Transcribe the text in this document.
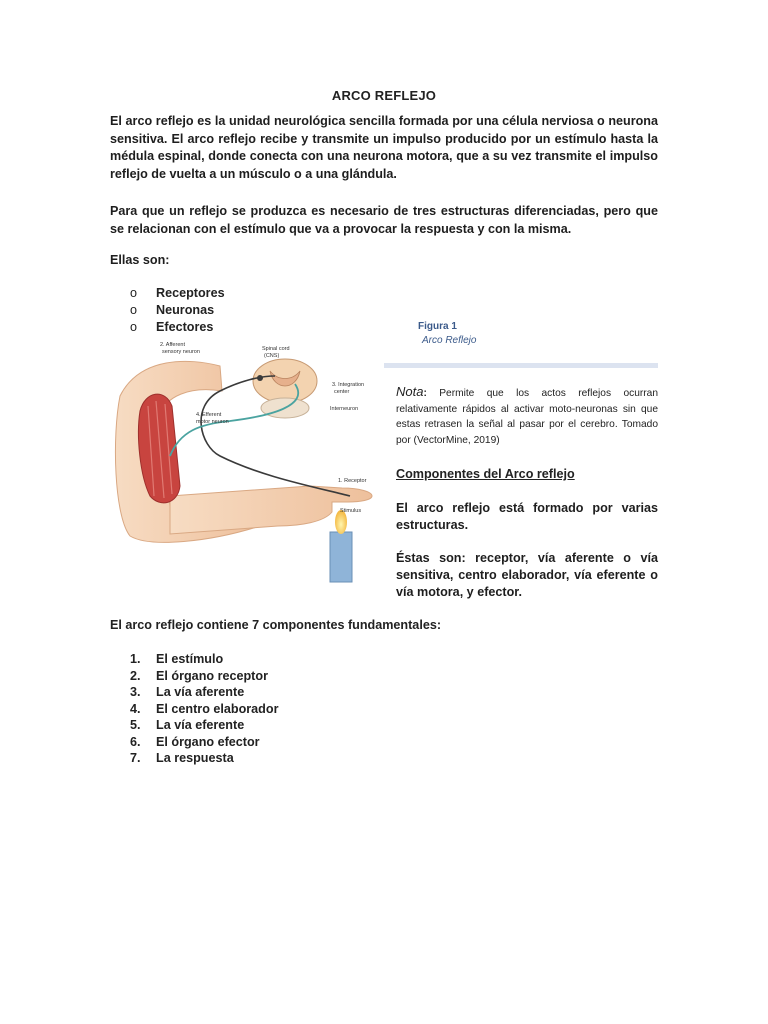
ARCO REFLEJO
El arco reflejo es la unidad neurológica sencilla formada por una célula nerviosa o neurona sensitiva. El arco reflejo recibe y transmite un impulso producido por un estímulo hasta la médula espinal, donde conecta con una neurona motora, que a su vez transmite el impulso reflejo de vuelta a un músculo o a una glándula.
Para que un reflejo se produzca es necesario de tres estructuras diferenciadas, pero que se relacionan con el estímulo que va a provocar la respuesta y con la misma.
Ellas son:
o	Receptores
o	Neuronas
o	Efectores	Figura 1
Arco Reflejo
2. Afferent
sensory neuron	Spinal cord
(CNS)
3. Integration
center
Interneuron
4. Efferent
motor neuron
1. Receptor
Stimulus
Nota: Permite que los actos reflejos ocurran relativamente rápidos al activar moto-neuronas sin que estas retrasen la señal al pasar por el cerebro. Tomado por (VectorMine, 2019)
Componentes del Arco reflejo
El arco reflejo está formado por varias estructuras.
Éstas son: receptor, vía aferente o vía sensitiva, centro elaborador, vía eferente o vía motora, y efector.
El arco reflejo contiene 7 componentes fundamentales:
1.	El estímulo
2.	El órgano receptor
3.	La vía aferente
4.	El centro elaborador
5.	La vía eferente
6.	El órgano efector
7.	La respuesta
